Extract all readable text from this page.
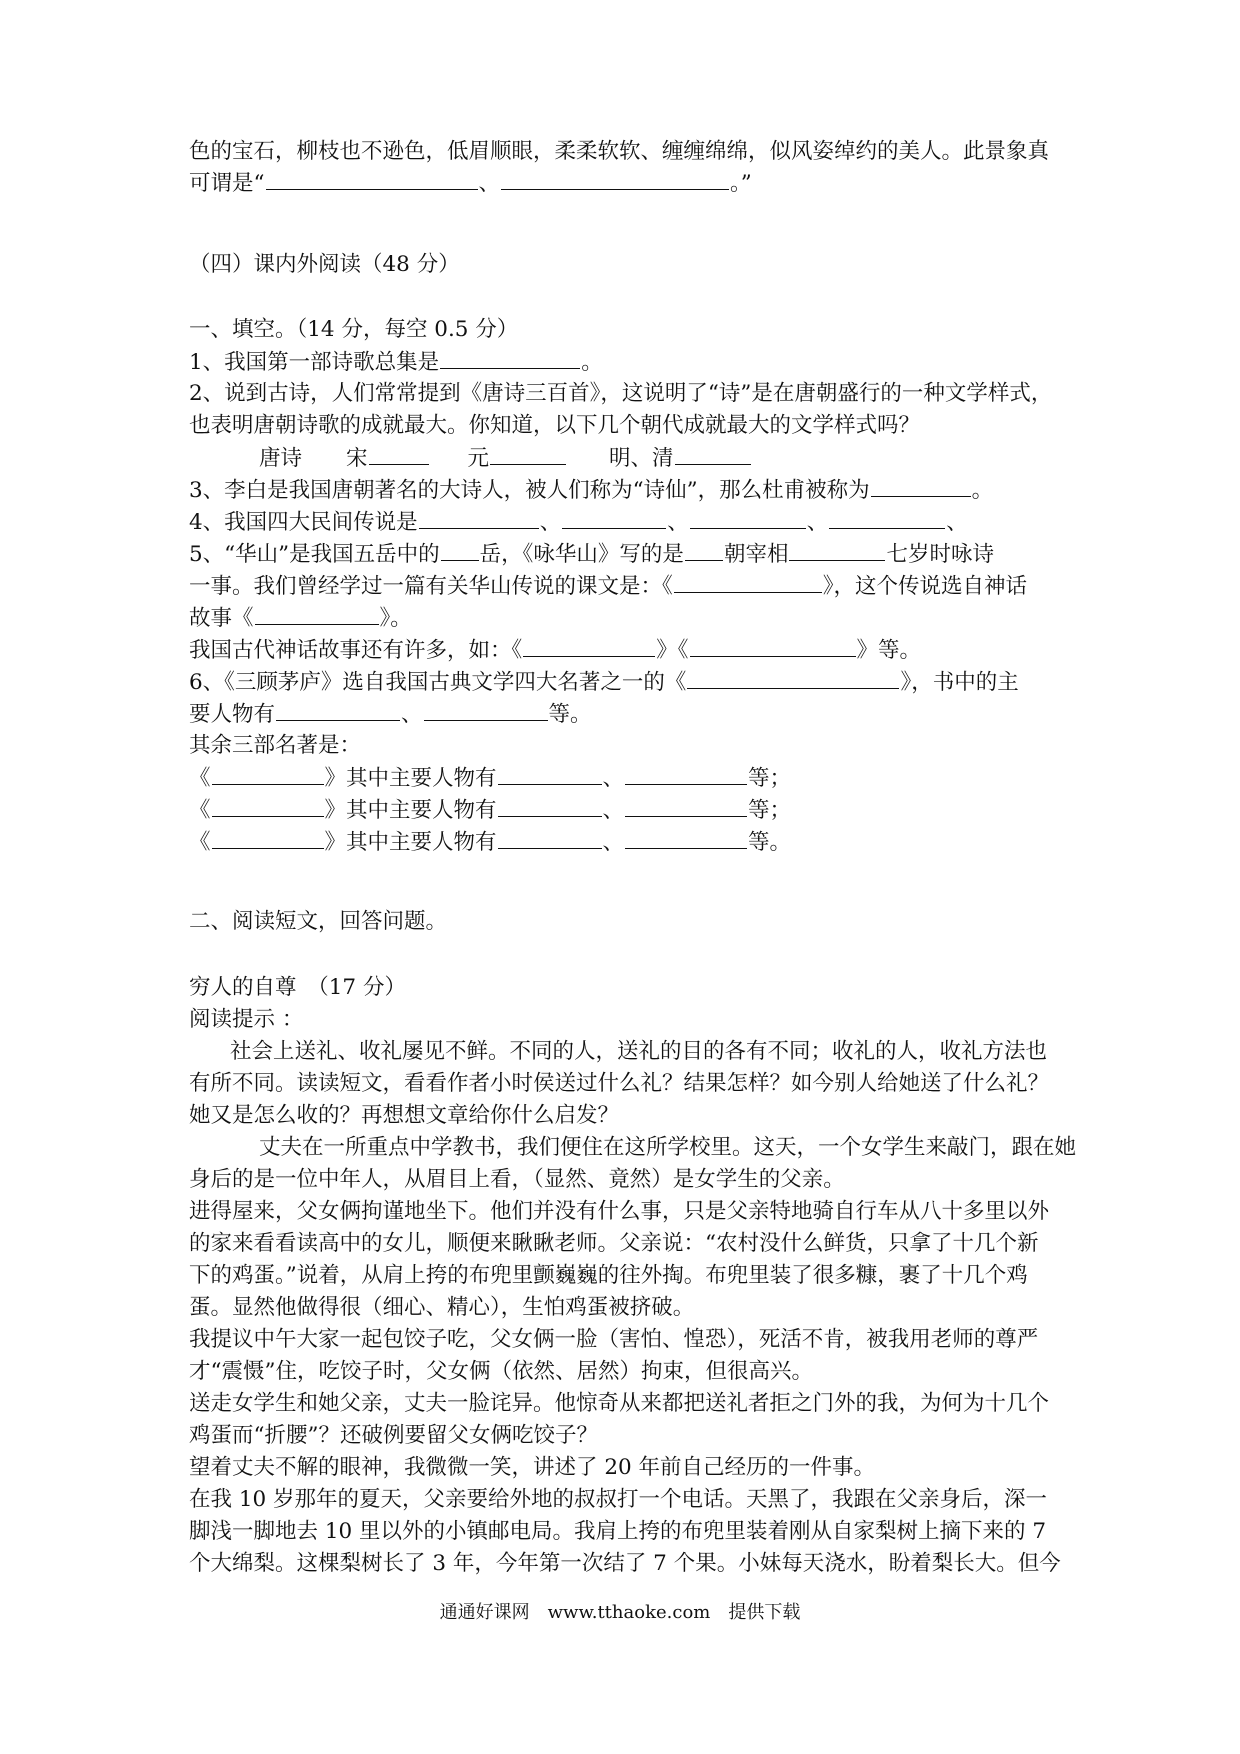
色的宝石，柳枝也不逊色，低眉顺眼，柔柔软软、缠缠绵绵，似风姿绰约的美人。此景象真
可谓是“	、	。”
（四）课内外阅读（48 分）
一、填空。（14 分，每空 0.5 分）
1、我国第一部诗歌总集是	。
2、说到古诗，人们常常提到《唐诗三百首》，这说明了“诗”是在唐朝盛行的一种文学样式，
也表明唐朝诗歌的成就最大。你知道，以下几个朝代成就最大的文学样式吗？
唐诗 宋	元	明、清
3、李白是我国唐朝著名的大诗人，被人们称为“诗仙”，那么杜甫被称为	。
4、我国四大民间传说是	、	、	、	、
5、“华山”是我国五岳中的 岳，《咏华山》写的是 朝宰相	七岁时咏诗
一事。我们曾经学过一篇有关华山传说的课文是：《	》，这个传说选自神话
故事《	》。
我国古代神话故事还有许多，如：《	》《	》等。
6、《三顾茅庐》选自我国古典文学四大名著之一的《	》，书中的主
要人物有	、	等。
其余三部名著是：
《	》其中主要人物有	、	等；
《	》其中主要人物有	、	等；
《	》其中主要人物有	、	等。
二、阅读短文，回答问题。
穷人的自尊　（17 分）
阅读提示 ：
社会上送礼、收礼屡见不鲜。不同的人，送礼的目的各有不同；收礼的人，收礼方法也
有所不同。读读短文，看看作者小时侯送过什么礼？结果怎样？如今别人给她送了什么礼？
她又是怎么收的？再想想文章给你什么启发？
丈夫在一所重点中学教书，我们便住在这所学校里。这天，一个女学生来敲门，跟在她
身后的是一位中年人，从眉目上看，（显然、竟然）是女学生的父亲。
进得屋来，父女俩拘谨地坐下。他们并没有什么事，只是父亲特地骑自行车从八十多里以外
的家来看看读高中的女儿，顺便来瞅瞅老师。父亲说：“农村没什么鲜货，只拿了十几个新
下的鸡蛋。”说着，从肩上挎的布兜里颤巍巍的往外掏。布兜里装了很多糠，裹了十几个鸡
蛋。显然他做得很（细心、精心），生怕鸡蛋被挤破。
我提议中午大家一起包饺子吃，父女俩一脸（害怕、惶恐），死活不肯，被我用老师的尊严
才“震慑”住，吃饺子时，父女俩（依然、居然）拘束，但很高兴。
送走女学生和她父亲，丈夫一脸诧异。他惊奇从来都把送礼者拒之门外的我，为何为十几个
鸡蛋而“折腰”？还破例要留父女俩吃饺子？
望着丈夫不解的眼神，我微微一笑，讲述了 20 年前自己经历的一件事。
在我 10 岁那年的夏天，父亲要给外地的叔叔打一个电话。天黑了，我跟在父亲身后，深一
脚浅一脚地去 10 里以外的小镇邮电局。我肩上挎的布兜里装着刚从自家梨树上摘下来的 7
个大绵梨。这棵梨树长了 3 年，今年第一次结了 7 个果。小妹每天浇水，盼着梨长大。但今
通通好课网　www.tthaoke.com　提供下载
